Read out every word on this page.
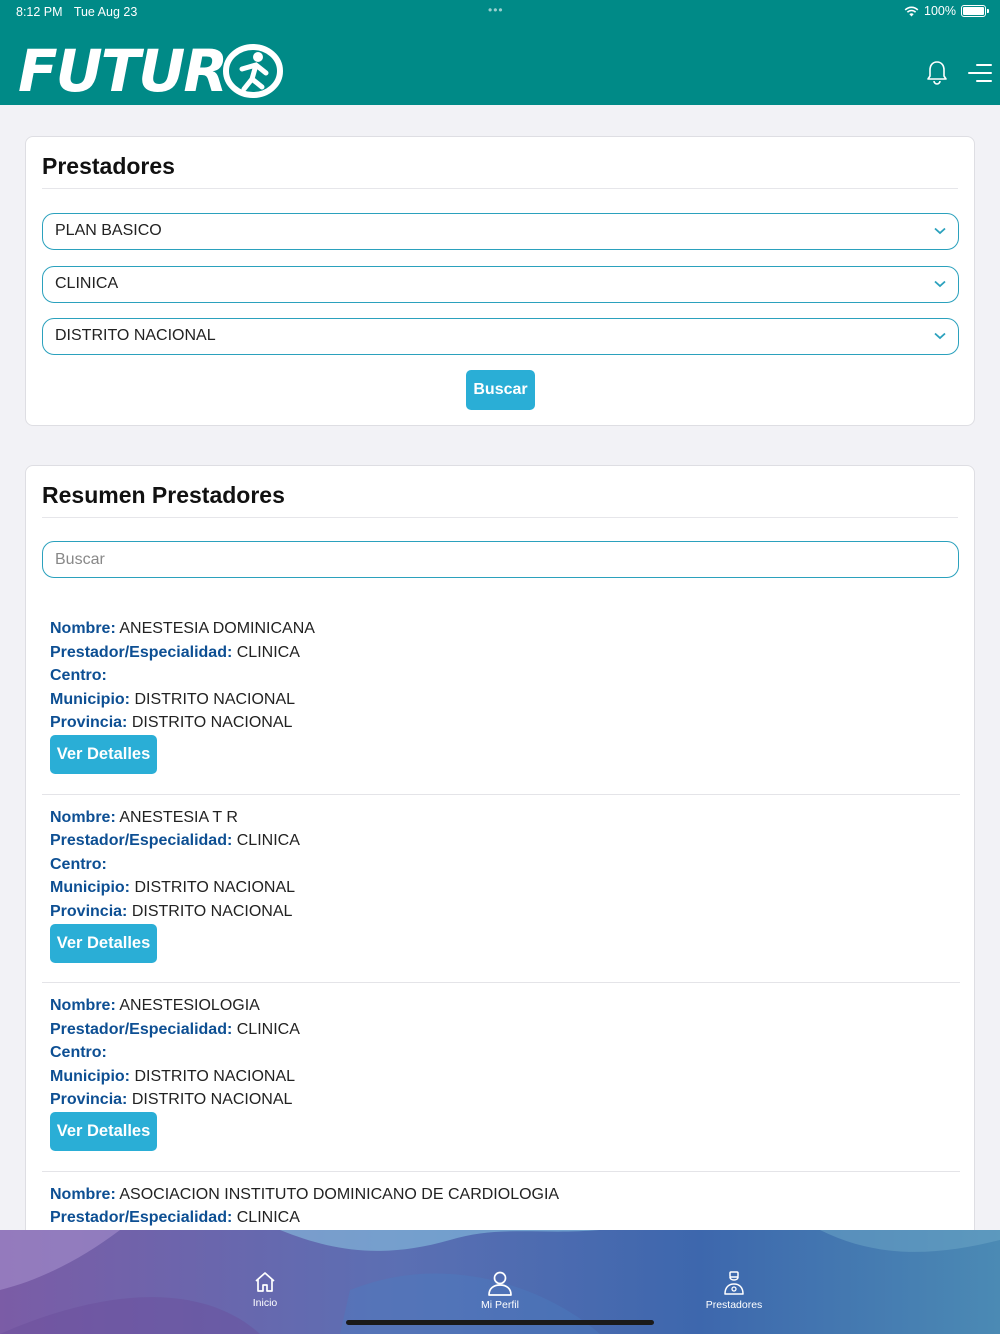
8:12 PM Tue Aug 23	•••	100%
FUTUR
Prestadores
PLAN BASICO
CLINICA
DISTRITO NACIONAL
Buscar
Resumen Prestadores
Buscar
Nombre: ANESTESIA DOMINICANA
Prestador/Especialidad: CLINICA
Centro:
Municipio: DISTRITO NACIONAL
Provincia: DISTRITO NACIONAL
Ver Detalles
Nombre: ANESTESIA T R
Prestador/Especialidad: CLINICA
Centro:
Municipio: DISTRITO NACIONAL
Provincia: DISTRITO NACIONAL
Ver Detalles
Nombre: ANESTESIOLOGIA
Prestador/Especialidad: CLINICA
Centro:
Municipio: DISTRITO NACIONAL
Provincia: DISTRITO NACIONAL
Ver Detalles
Nombre: ASOCIACION INSTITUTO DOMINICANO DE CARDIOLOGIA
Prestador/Especialidad: CLINICA
Inicio	Mi Perfil	Prestadores
